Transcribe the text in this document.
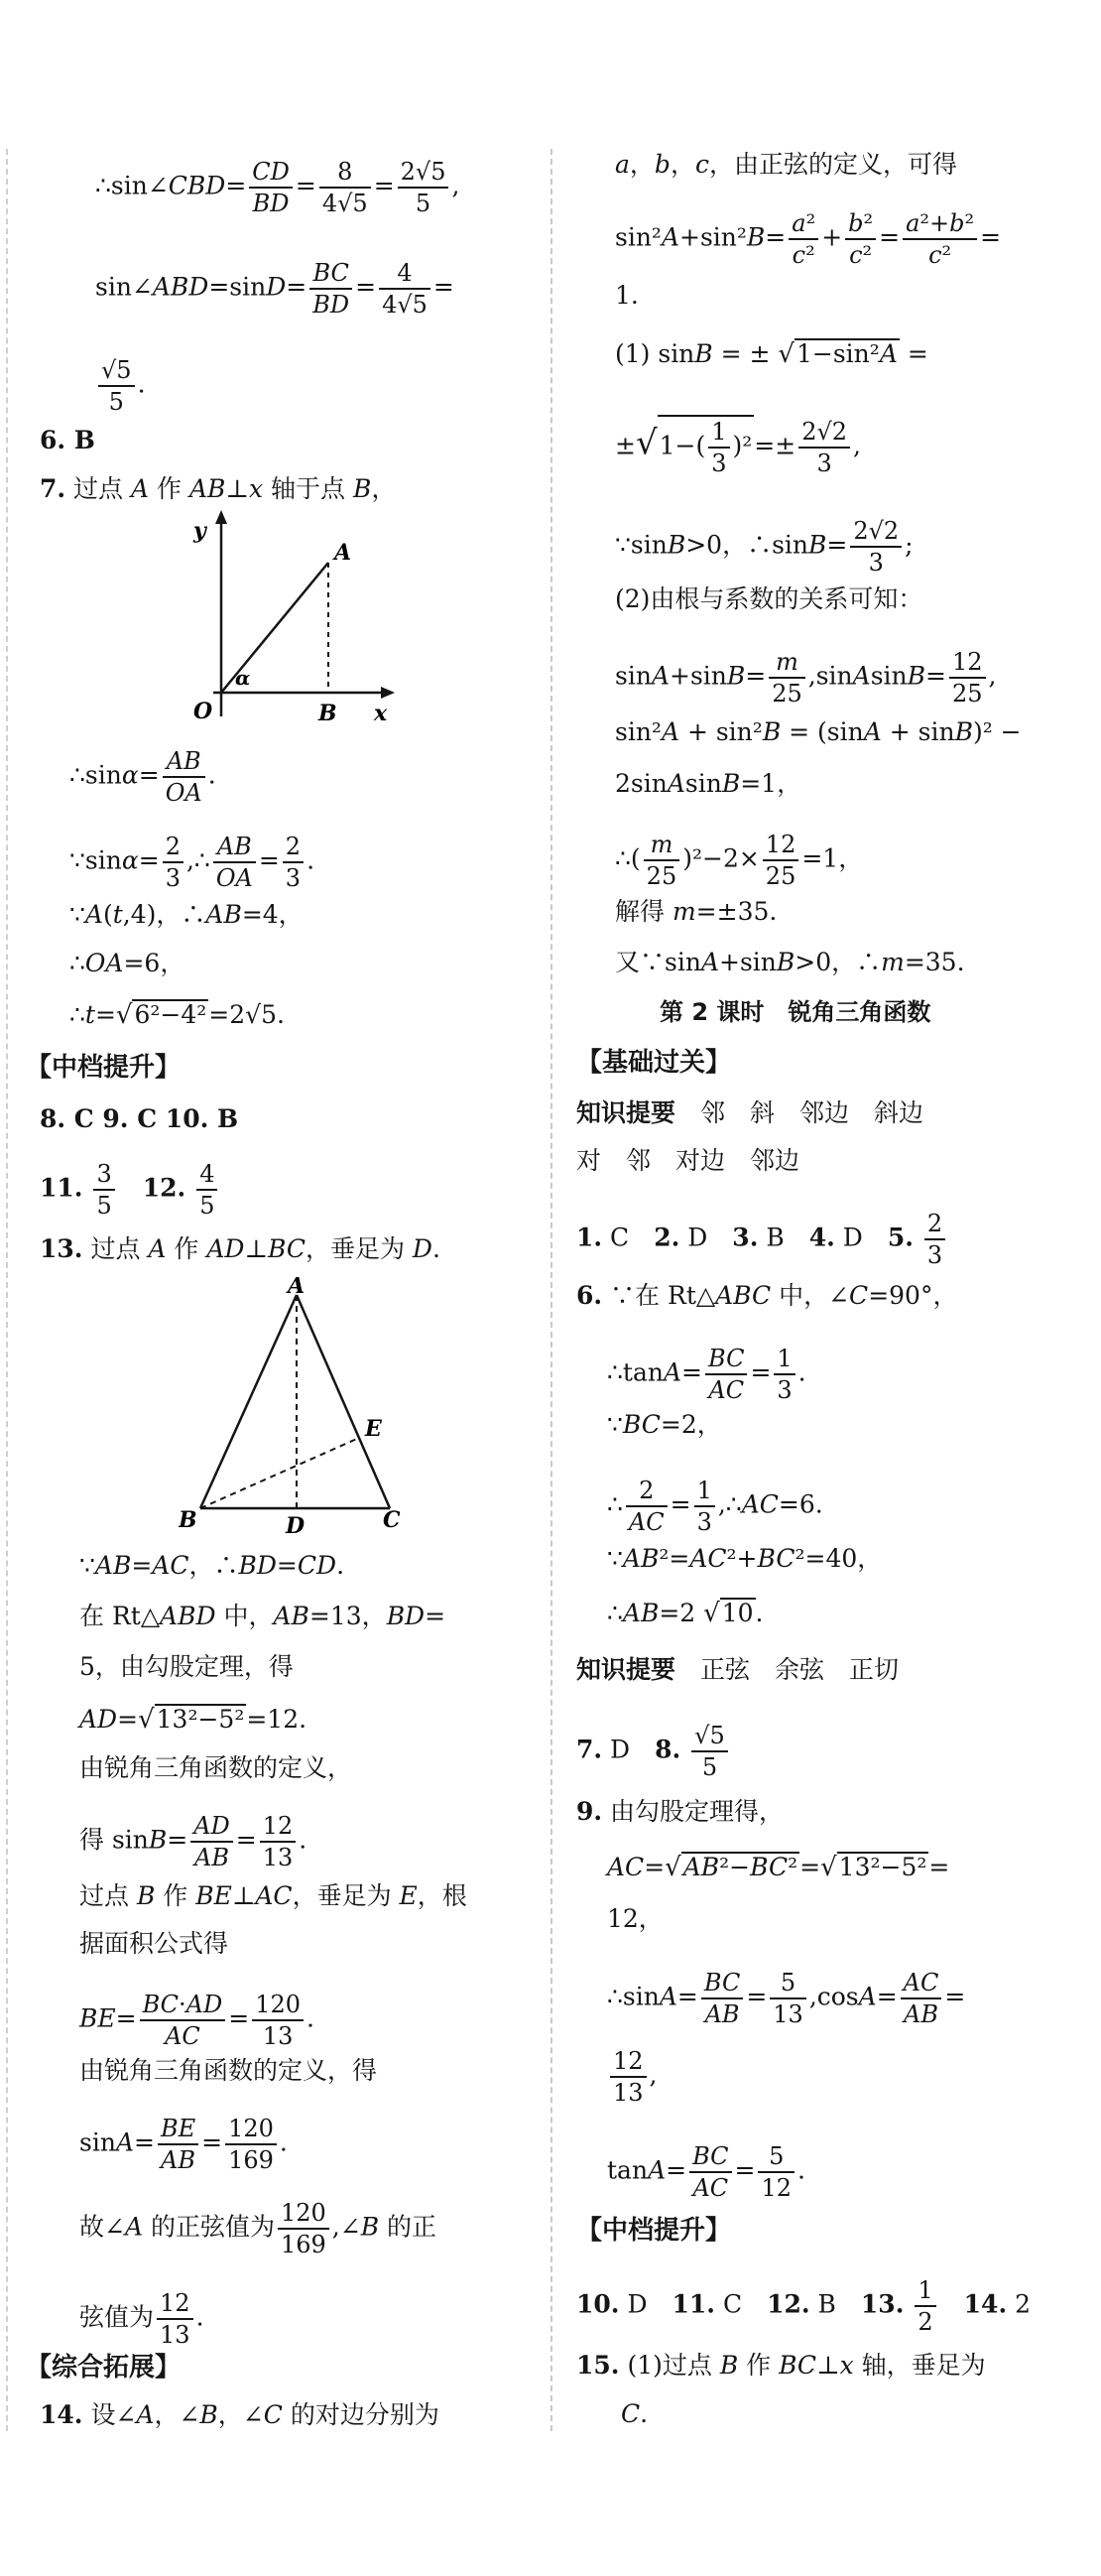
∴sin∠CBD= $\frac{CD}{BD} = \frac{8}{4√5} = \frac{2√5}{5}$ ,
sin∠ABD=sinD= $\frac{BC}{BD} = \frac{4}{4√5}$ =
$\frac{√5}{5}$ .
6. B
7. 过点 A 作 AB⊥x 轴于点 B，
y
A
O	B x
α
∴sinα= $\frac{AB}{OA}$ .
∵sinα= $\frac{2}{3}$ ,∴ $\frac{AB}{OA} = \frac{2}{3}$ .
∵A(t,4)，∴AB=4，
∴OA=6，
∴t=√6²−4²=2√5.
【中档提升】
8. C 9. C 10. B
11. $\frac{3}{5}$
　 12. $\frac{4}{5}$
13. 过点 A 作 AD⊥BC，垂足为 D.
A
B	C
D
E
∵AB=AC，∴BD=CD.
在 Rt△ABD 中，AB=13，BD=
5，由勾股定理，得
AD=√13²−5²=12.
由锐角三角函数的定义，
得 $\sin B= \frac{AD}{AB} = \frac{12}{13}$ .
过点 B 作 BE⊥AC，垂足为 E，根
据面积公式得
$BE= \frac{BC\cdot AD}{AC} = \frac{120}{13}$ .
由锐角三角函数的定义，得
$\sin A= \frac{BE}{AB} = \frac{120}{169}$ .
故∠A 的正弦值为 $\frac{120}{169}$ ,∠B 的正
弦值为 $\frac{12}{13}$ .
【综合拓展】
14. 设∠A，∠B，∠C 的对边分别为
a，b，c，由正弦的定义，可得
$\sin^2A+\sin^2B= \frac{\text{a²}}{\text{c²}} + \frac{\text{b²}}{\text{c²}} = \frac{\text{a²+b²}}{\text{c²}}$ =
1.
(1) sinB = ± √1−sin²A =
$\pm√1-( \frac{1}{3} )^2=\pm \frac{2√2}{3}$ ,
∵sinB>0，∴sinB= $\frac{2√2}{3}$ ;
(2)由根与系数的关系可知：
$\sin A+\sin B= \frac{m}{25}$ ,sinAsinB= $\frac{12}{25}$ ,
sin²A + sin²B = (sinA + sinB)² −
2sinAsinB=1，
∴( $\frac{m}{25} )^2-2\times \frac{12}{25} =1$，
解得 m=±35.
又∵sinA+sinB>0，∴m=35.
第 2 课时　锐角三角函数
【基础过关】
知识提要　 邻　斜　邻边　斜边
对　邻　对边　邻边
1. C　2. D　3. B　4. D　5. $\frac{2}{3}$
6. ∵在 Rt△ABC 中，∠C=90°，
∴tanA= $\frac{BC}{AC} = \frac{1}{3}$ .
∵BC=2，
∴ $\frac{2}{AC} = \frac{1}{3}$ ,∴AC=6.
∵AB²=AC²+BC²=40，
∴AB=2 √10.
知识提要　 正弦　余弦　正切
7. D　8. $\frac{√5}{5}$
9. 由勾股定理得，
AC=√AB²−BC²=√13²−5²=
12，
∴sinA= $\frac{BC}{AB} = \frac{5}{13} ,\cos A= \frac{AC}{AB}$ =
$\frac{12}{13}$ ,
$\tan A= \frac{BC}{AC} = \frac{5}{12}$ .
【中档提升】
10. D　11. C　12. B　13. $\frac{1}{2}$
　 14. 2
15. (1)过点 B 作 BC⊥x 轴，垂足为
C.
